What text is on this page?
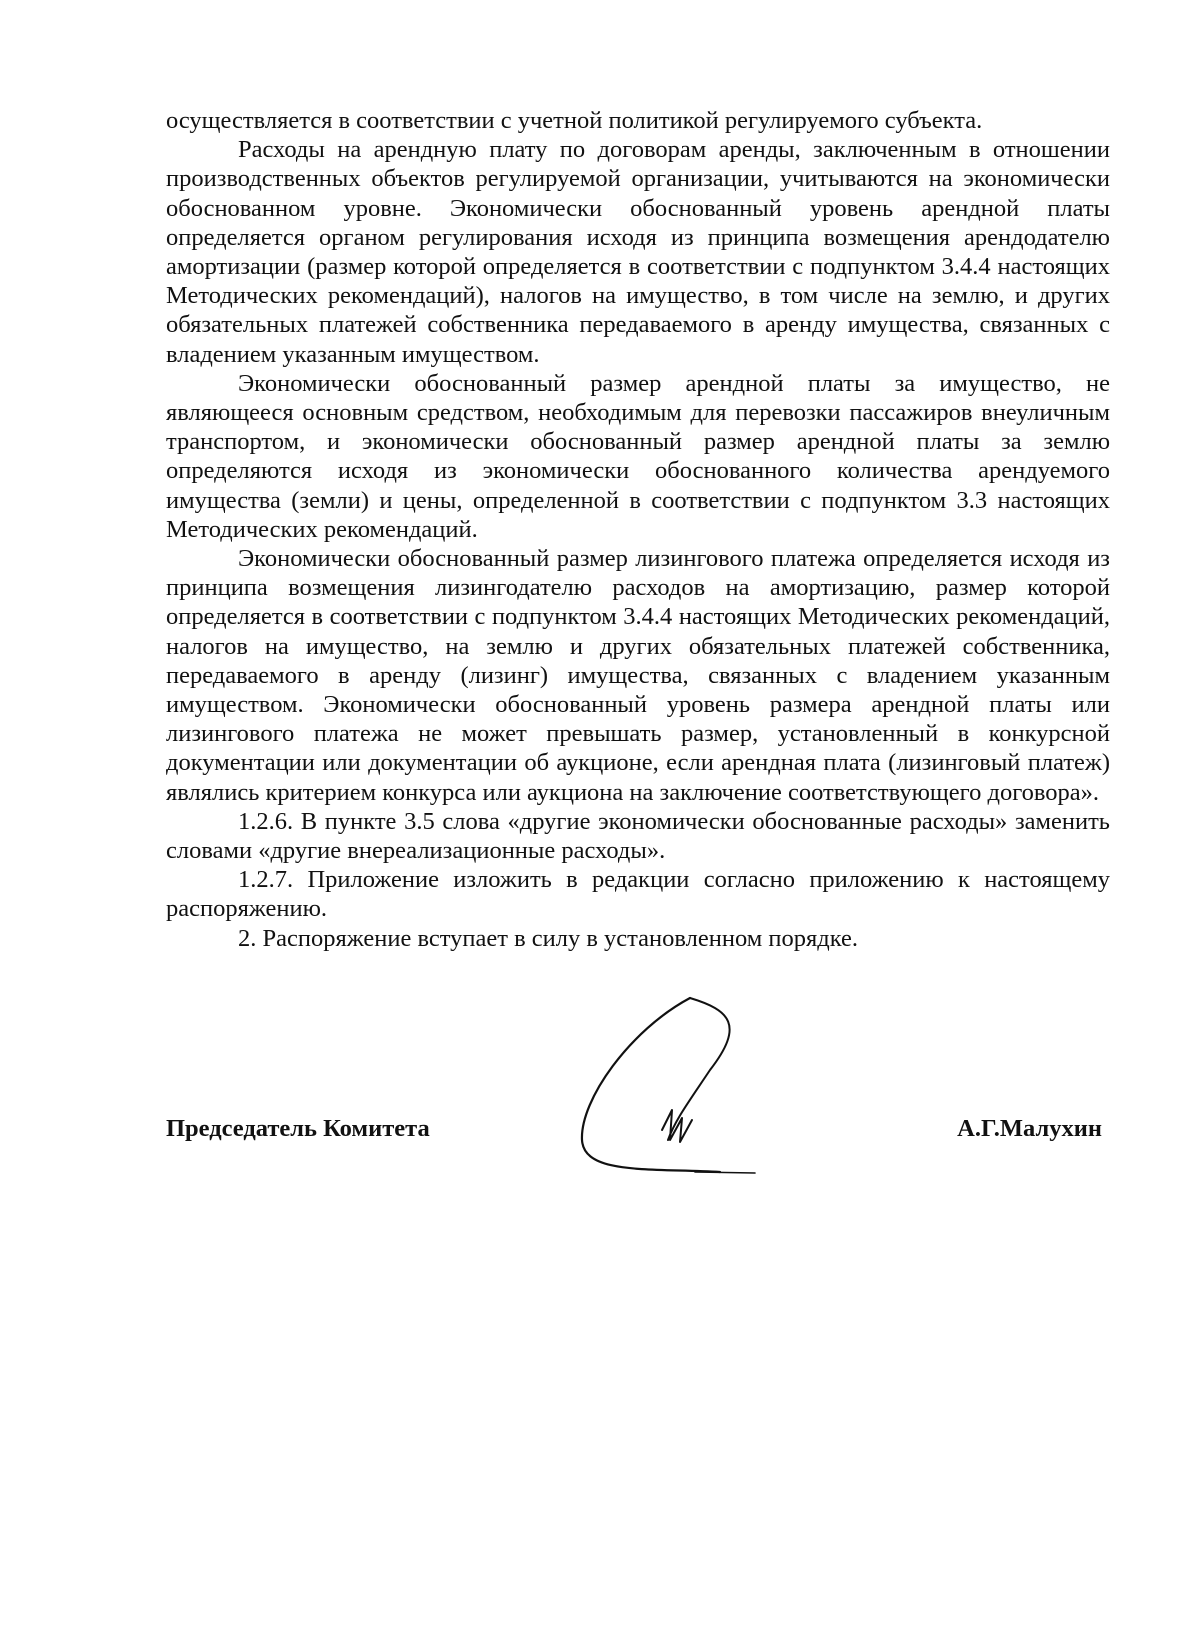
осуществляется в соответствии с учетной политикой регулируемого субъекта.

Расходы на арендную плату по договорам аренды, заключенным в отношении производственных объектов регулируемой организации, учитываются на экономически обоснованном уровне. Экономически обоснованный уровень арендной платы определяется органом регулирования исходя из принципа возмещения арендодателю амортизации (размер которой определяется в соответствии с подпунктом 3.4.4 настоящих Методических рекомендаций), налогов на имущество, в том числе на землю, и других обязательных платежей собственника передаваемого в аренду имущества, связанных с владением указанным имуществом.

Экономически обоснованный размер арендной платы за имущество, не являющееся основным средством, необходимым для перевозки пассажиров внеуличным транспортом, и экономически обоснованный размер арендной платы за землю определяются исходя из экономически обоснованного количества арендуемого имущества (земли) и цены, определенной в соответствии с подпунктом 3.3 настоящих Методических рекомендаций.

Экономически обоснованный размер лизингового платежа определяется исходя из принципа возмещения лизингодателю расходов на амортизацию, размер которой определяется в соответствии с подпунктом 3.4.4 настоящих Методических рекомендаций, налогов на имущество, на землю и других обязательных платежей собственника, передаваемого в аренду (лизинг) имущества, связанных с владением указанным имуществом. Экономически обоснованный уровень размера арендной платы или лизингового платежа не может превышать размер, установленный в конкурсной документации или документации об аукционе, если арендная плата (лизинговый платеж) являлись критерием конкурса или аукциона на заключение соответствующего договора».

1.2.6. В пункте 3.5 слова «другие экономически обоснованные расходы» заменить словами «другие внереализационные расходы».

1.2.7. Приложение изложить в редакции согласно приложению к настоящему распоряжению.

2. Распоряжение вступает в силу в установленном порядке.

Председатель Комитета	А.Г.Малухин
